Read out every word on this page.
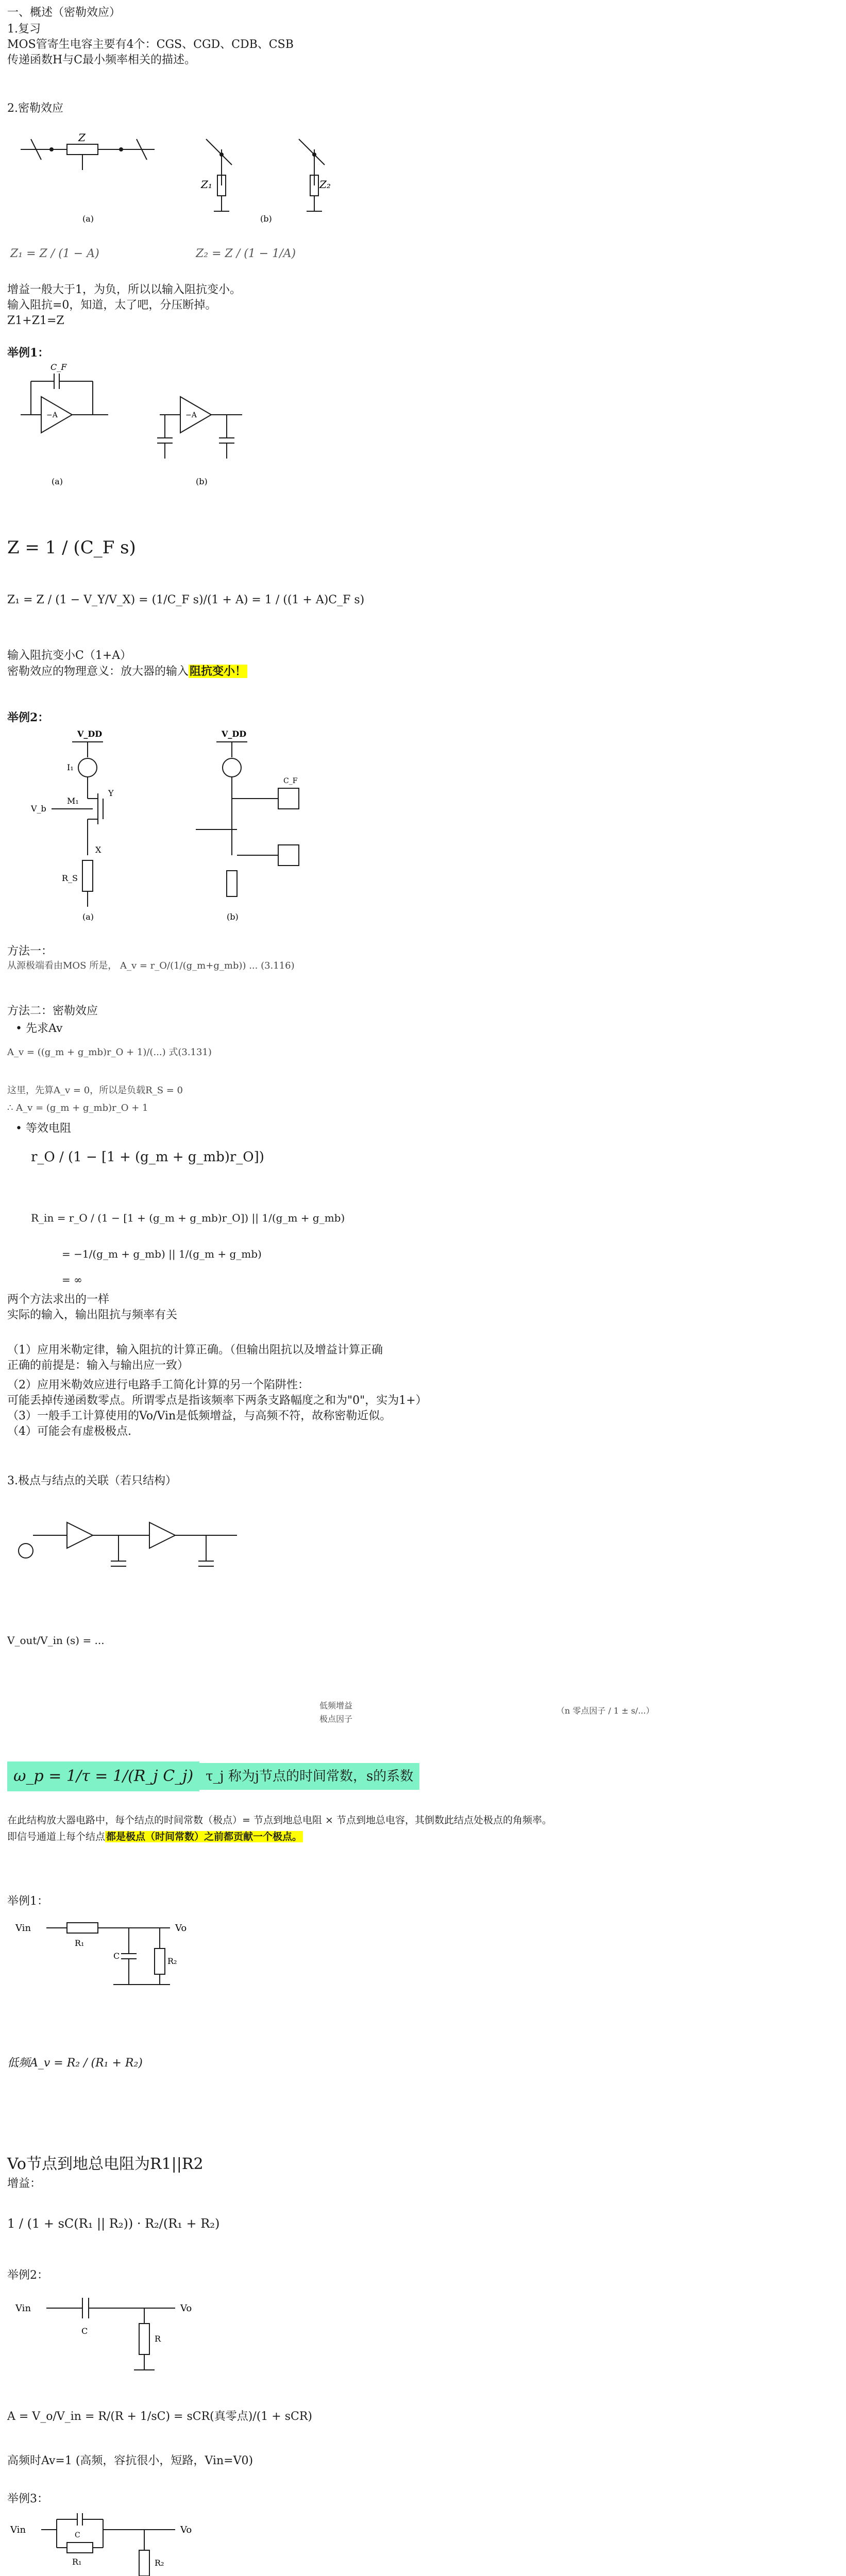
一、概述（密勒效应）
1.复习
MOS管寄生电容主要有4个：CGS、CGD、CDB、CSB
传递函数H与C最小频率相关的描述。
2.密勒效应
Z
Z₁	Z₂
(a)	(b)
Z₁ = Z / (1 − A)	Z₂ = Z / (1 − 1/A)
增益一般大于1，为负，所以以输入阻抗变小。
输入阻抗=0，知道，太了吧，分压断掉。
Z1+Z1=Z
举例1：
C_F
−A	−A
(a)	(b)
Z = 1 / (C_F s)
Z₁ = Z / (1 − V_Y/V_X) = (1/C_F s)/(1 + A) = 1 / ((1 + A)C_F s)
输入阻抗变小C（1+A）
密勒效应的物理意义：放大器的输入阻抗变小！
举例2：
V_DD	V_DD
I₁
M₁
Y
X
V_b
R_S
C_F
(a)	(b)
方法一：
从源极端看由MOS 所是， A_v = r_O/(1/(g_m+g_mb)) ... (3.116)
方法二：密勒效应
• 先求Av
A_v = ((g_m + g_mb)r_O + 1)/(...) 式(3.131)
这里，先算A_v = 0，所以是负载R_S = 0
∴ A_v = (g_m + g_mb)r_O + 1
• 等效电阻
r_O / (1 − [1 + (g_m + g_mb)r_O])
R_in = r_O / (1 − [1 + (g_m + g_mb)r_O]) || 1/(g_m + g_mb)
= −1/(g_m + g_mb) || 1/(g_m + g_mb)
= ∞
两个方法求出的一样
实际的输入，输出阻抗与频率有关
（1）应用米勒定律，输入阻抗的计算正确。（但输出阻抗以及增益计算正确
正确的前提是：输入与输出应一致）
（2）应用米勒效应进行电路手工简化计算的另一个陷阱性：
可能丢掉传递函数零点。所谓零点是指该频率下两条支路幅度之和为"0"，实为1+）
（3）一般手工计算使用的Vo/Vin是低频增益，与高频不符，故称密勒近似。
（4）可能会有虚极极点.
3.极点与结点的关联（若只结构）
V_out/V_in (s) = ...
低频增益
极点因子
（n 零点因子 / 1 ± s/...）
ω_p = 1/τ = 1/(R_j C_j) τ_j 称为j节点的时间常数，s的系数
在此结构放大器电路中，每个结点的时间常数（极点）= 节点到地总电阻 × 节点到地总电容，其倒数此结点处极点的角频率。
即信号通道上每个结点 都是极点（时间常数）之前都贡献一个极点。
举例1：
Vin
R₁
R₂
C
Vo
低频A_v = R₂ / (R₁ + R₂)
Vo节点到地总电阻为R1||R2
增益：
1 / (1 + sC(R₁ || R₂)) · R₂/(R₁ + R₂)
举例2：
Vin
C
R
Vo
A = V_o/V_in = R/(R + 1/sC) = sCR(真零点)/(1 + sCR)
高频时Av=1 (高频，容抗很小，短路，Vin=V0)
举例3：
Vin	C
R₁	R₂
Vo
